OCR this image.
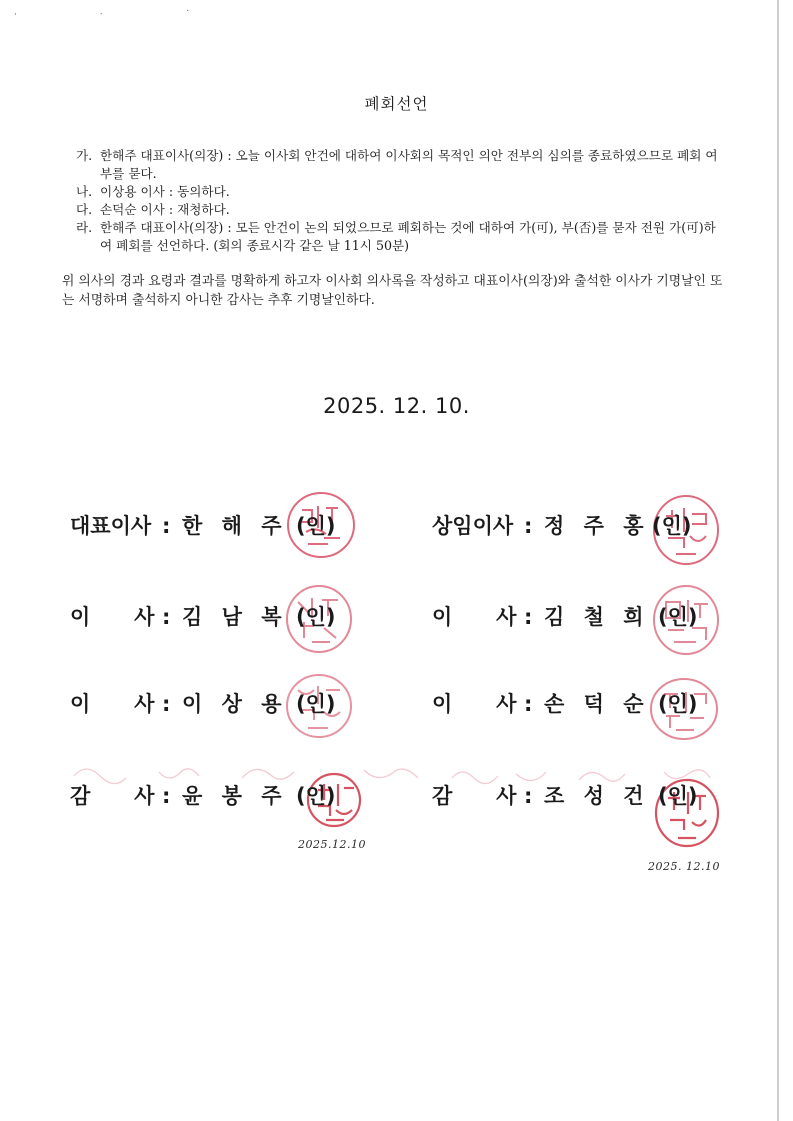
· ‧ ˙
폐회선언
가. 한해주 대표이사(의장) : 오늘 이사회 안건에 대하여 이사회의 목적인 의안 전부의 심의를 종료하였으므로 폐회 여부를 묻다.
나. 이상용 이사 : 동의하다.
다. 손덕순 이사 : 재청하다.
라. 한해주 대표이사(의장) : 모든 안건이 논의 되었으므로 폐회하는 것에 대하여 가(可), 부(否)를 묻자 전원 가(可)하여 폐회를 선언하다. (회의 종료시각 같은 날 11시 50분)
위 의사의 경과 요령과 결과를 명확하게 하고자 이사회 의사록을 작성하고 대표이사(의장)와 출석한 이사가 기명날인 또는 서명하며 출석하지 아니한 감사는 추후 기명날인하다.
2025. 12. 10.
대표이사 : 한 해 주 (인)	상임이사 : 정 주 홍 (인)
이      사 : 김 남 복 (인)	이      사 : 김 철 희 (인)
이      사 : 이 상 용 (인)	이      사 : 손 덕 순 (인)
감      사 : 윤 봉 주 (인)	감      사 : 조 성 건 (인)
2025.12.10
2025. 12.10
